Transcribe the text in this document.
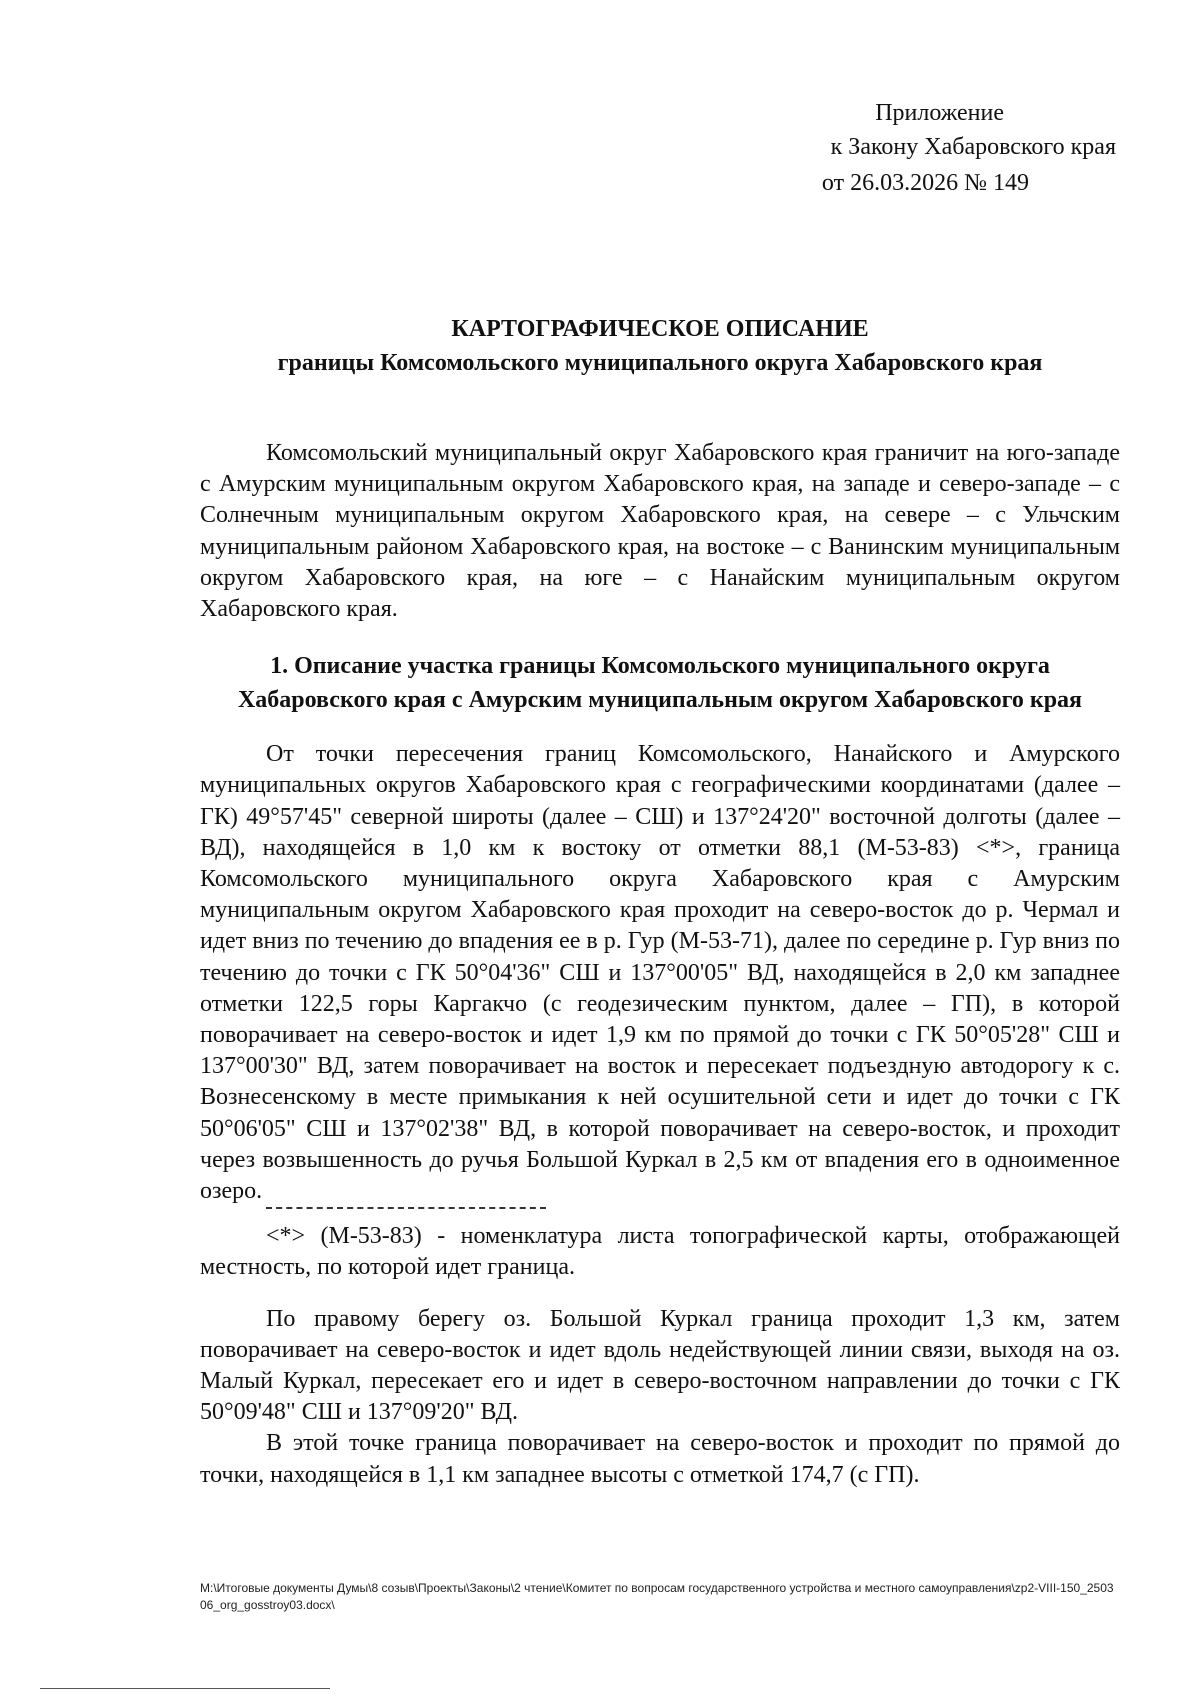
Приложение
к Закону Хабаровского края
от 26.03.2026 № 149
КАРТОГРАФИЧЕСКОЕ ОПИСАНИЕ
границы Комсомольского муниципального округа Хабаровского края

Комсомольский муниципальный округ Хабаровского края граничит на юго-западе с Амурским муниципальным округом Хабаровского края, на западе и северо-западе – с Солнечным муниципальным округом Хабаровского края, на севере – с Ульчским муниципальным районом Хабаровского края, на востоке – с Ванинским муниципальным округом Хабаровского края, на юге – с Нанайским муниципальным округом Хабаровского края.

1. Описание участка границы Комсомольского муниципального округа Хабаровского края с Амурским муниципальным округом Хабаровского края

От точки пересечения границ Комсомольского, Нанайского и Амурского муниципальных округов Хабаровского края с географическими координатами (далее – ГК) 49°57'45" северной широты (далее – СШ) и 137°24'20" восточной долготы (далее – ВД), находящейся в 1,0 км к востоку от отметки 88,1 (М-53-83) <*>, граница Комсомольского муниципального округа Хабаровского края с Амурским муниципальным округом Хабаровского края проходит на северо-восток до р. Чермал и идет вниз по течению до впадения ее в р. Гур (М-53-71), далее по середине р. Гур вниз по течению до точки с ГК 50°04'36" СШ и 137°00'05" ВД, находящейся в 2,0 км западнее отметки 122,5 горы Каргакчо (с геодезическим пунктом, далее – ГП), в которой поворачивает на северо-восток и идет 1,9 км по прямой до точки с ГК 50°05'28" СШ и 137°00'30" ВД, затем поворачивает на восток и пересекает подъездную автодорогу к с. Вознесенскому в месте примыкания к ней осушительной сети и идет до точки с ГК 50°06'05" СШ и 137°02'38" ВД, в которой поворачивает на северо-восток, и проходит через возвышенность до ручья Большой Куркал в 2,5 км от впадения его в одноименное озеро.

<*> (М-53-83) - номенклатура листа топографической карты, отображающей местность, по которой идет граница.

По правому берегу оз. Большой Куркал граница проходит 1,3 км, затем поворачивает на северо-восток и идет вдоль недействующей линии связи, выходя на оз. Малый Куркал, пересекает его и идет в северо-восточном направлении до точки с ГК 50°09'48" СШ и 137°09'20" ВД.

В этой точке граница поворачивает на северо-восток и проходит по прямой до точки, находящейся в 1,1 км западнее высоты с отметкой 174,7 (с ГП).

M:\Итоговые документы Думы\8 созыв\Проекты\Законы\2 чтение\Комитет по вопросам государственного устройства и местного самоуправления\zp2-VIII-150_250306_org_gosstroy03.docx\
